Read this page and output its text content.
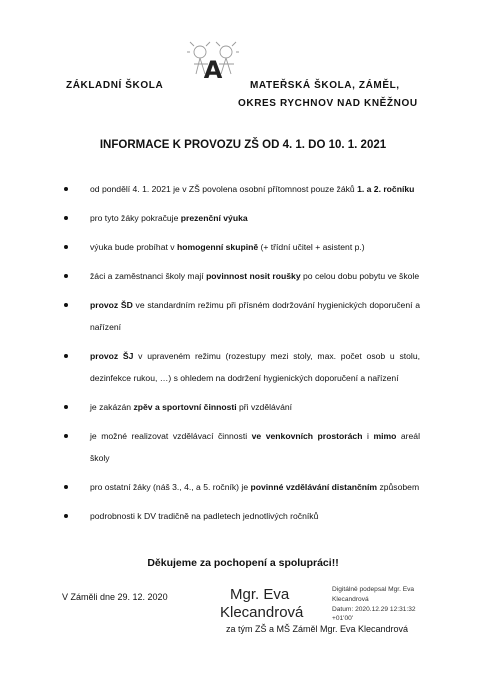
A
ZÁKLADNÍ ŠKOLA	MATEŘSKÁ ŠKOLA, ZÁMĚL,
OKRES RYCHNOV NAD KNĚŽNOU
INFORMACE K PROVOZU ZŠ OD 4. 1. DO 10. 1. 2021
od pondělí 4. 1. 2021 je v ZŠ povolena osobní přítomnost pouze žáků 1. a 2. ročníku
pro tyto žáky pokračuje prezenční výuka
výuka bude probíhat v homogenní skupině (+ třídní učitel + asistent p.)
žáci a zaměstnanci školy mají povinnost nosit roušky po celou dobu pobytu ve škole
provoz ŠD ve standardním režimu při přísném dodržování hygienických doporučení a nařízení
provoz ŠJ v upraveném režimu (rozestupy mezi stoly, max. počet osob u stolu, dezinfekce rukou, …) s ohledem na dodržení hygienických doporučení a nařízení
je zakázán zpěv a sportovní činnosti při vzdělávání
je možné realizovat vzdělávací činnosti ve venkovních prostorách i mimo areál školy
pro ostatní žáky (náš 3., 4., a 5. ročník) je povinné vzdělávání distančním způsobem
podrobnosti k DV tradičně na padletech jednotlivých ročníků
Děkujeme za pochopení a spolupráci!!
V Záměli dne 29. 12. 2020	Mgr. Eva
Klecandrová
Digitálně podepsal Mgr. Eva
Klecandrová
Datum: 2020.12.29 12:31:32
+01'00'
za tým ZŠ a MŠ Záměl Mgr. Eva Klecandrová
